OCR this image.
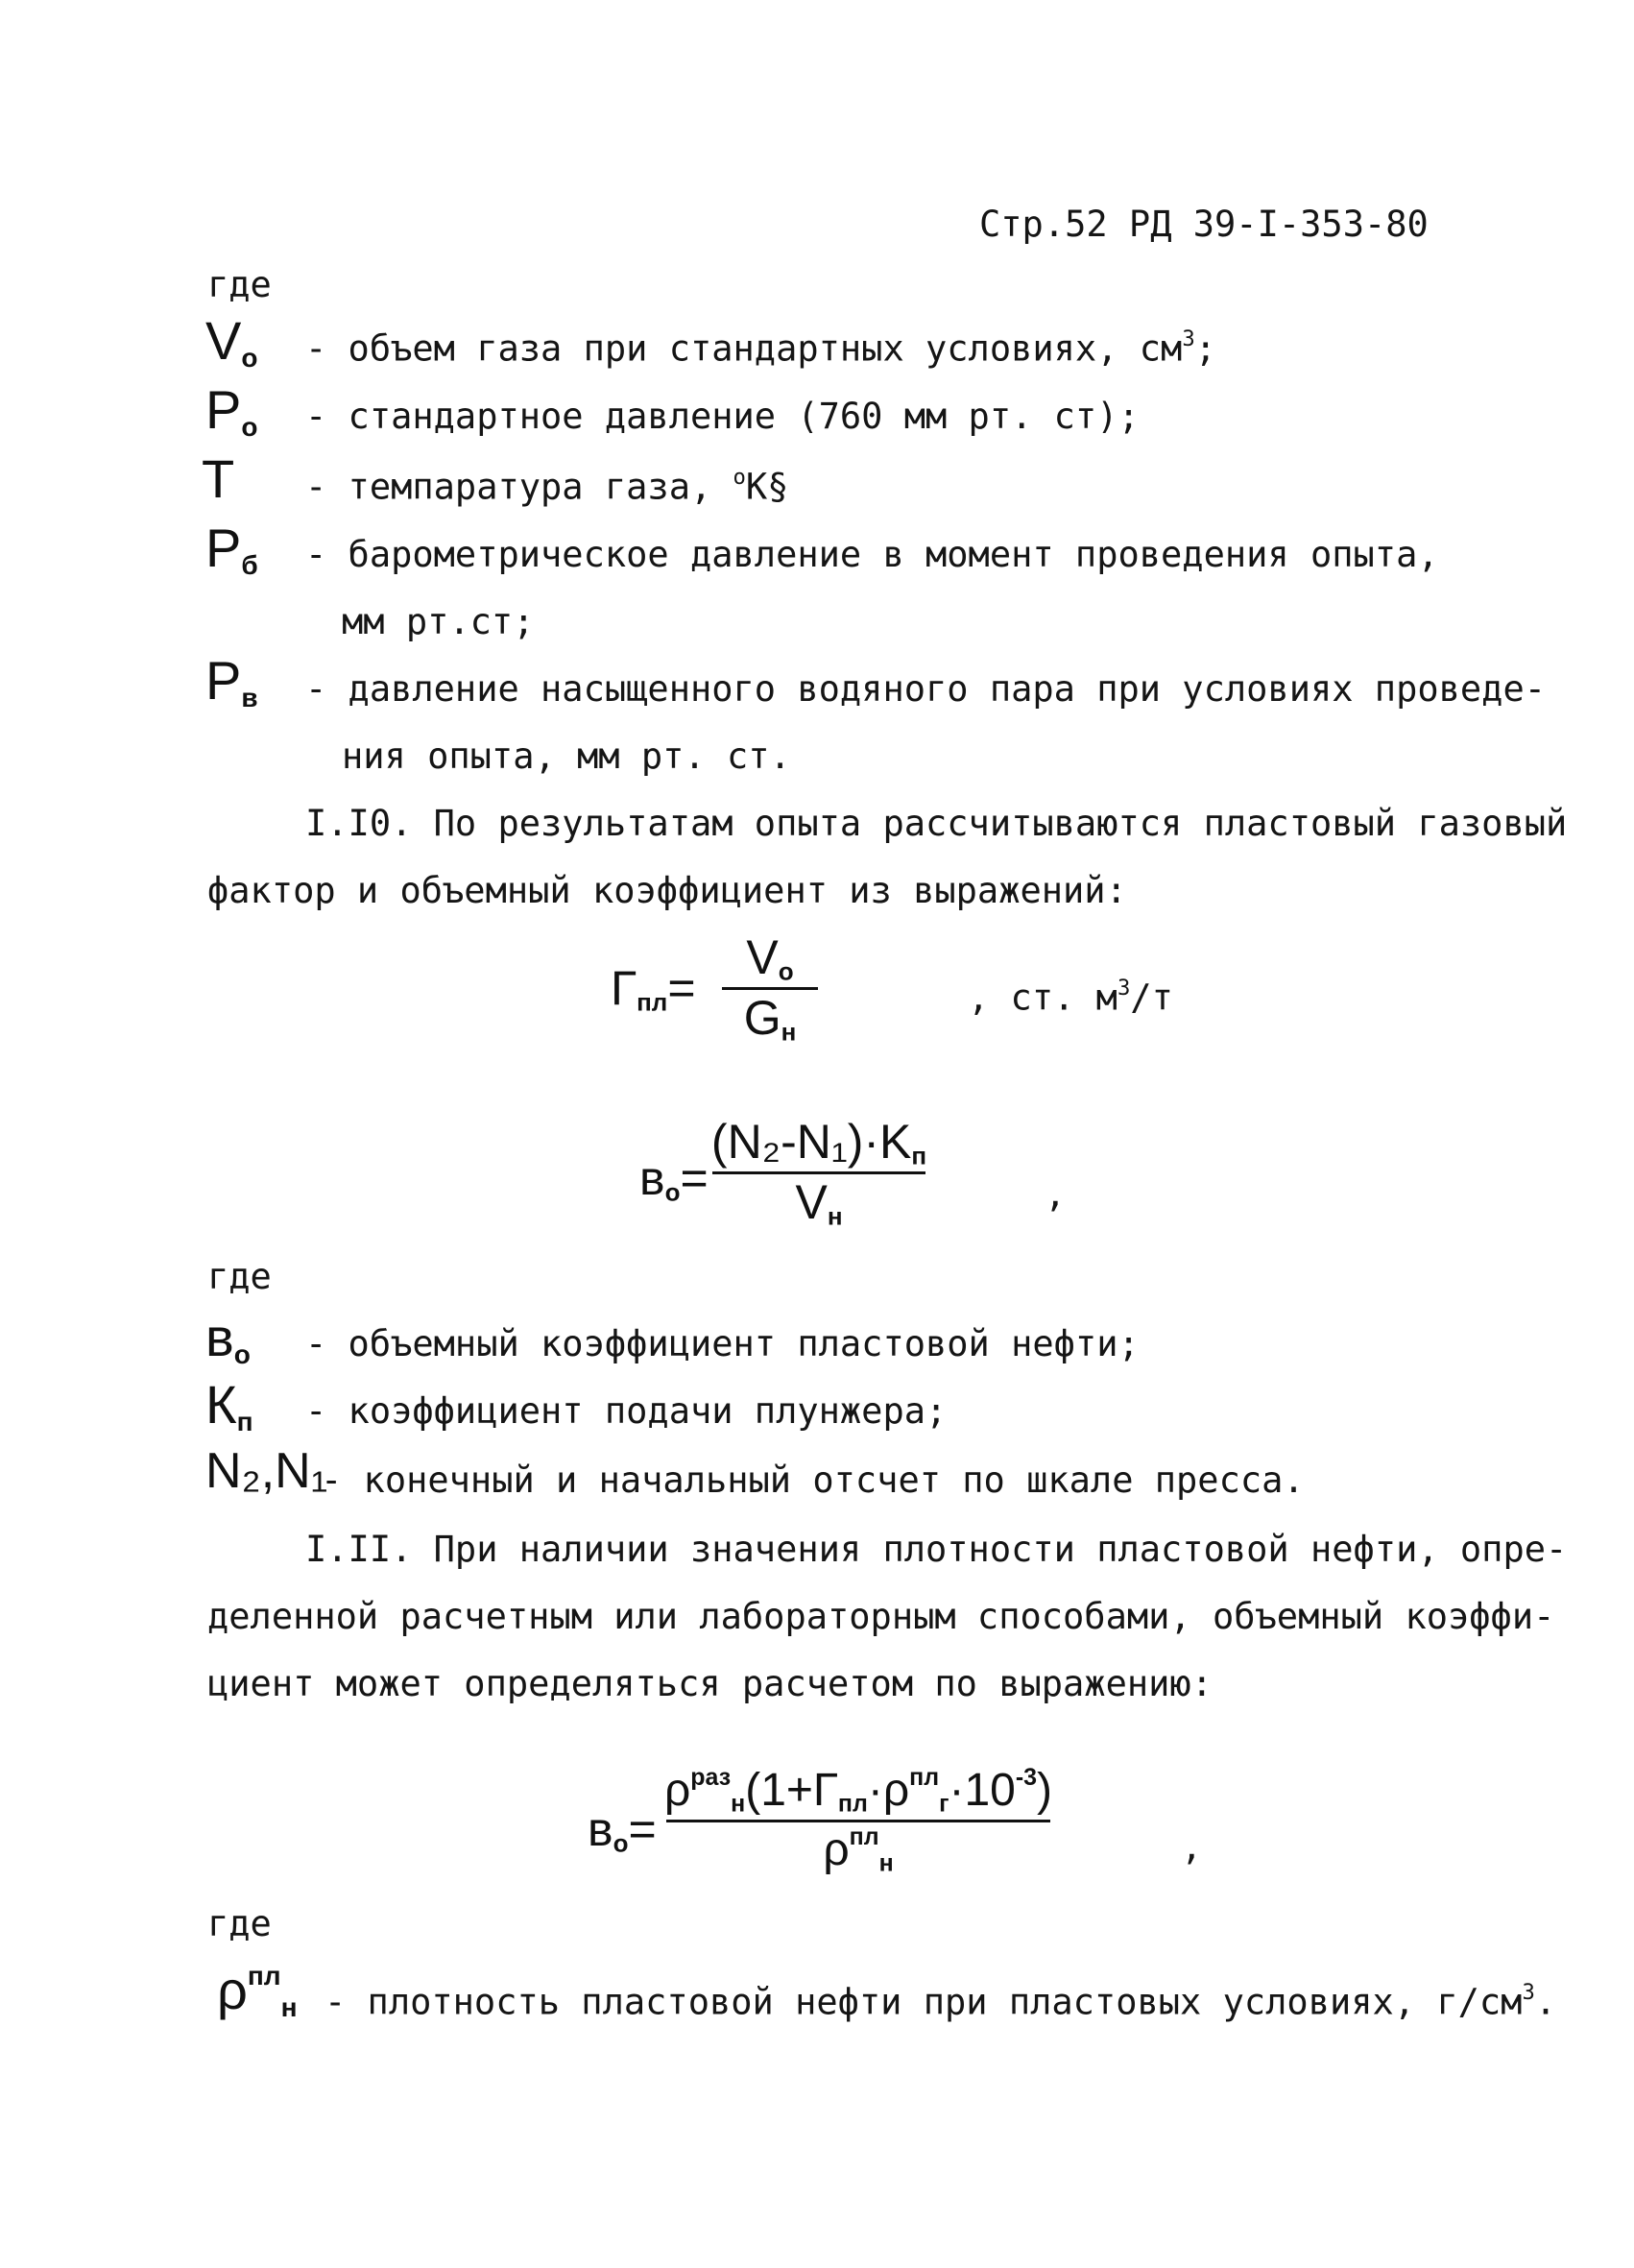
Стр.52 РД 39-I-353-80
где
$V_о$ - объем газа при стандартных условиях, $см^3$;
$Р_о$ - стандартное давление (760 мм рт. ст);
Т - темпаратура газа, $^о$К§
$Р_б$ - барометрическое давление в момент проведения опыта,
мм рт.ст;
$Р_в$ - давление насыщенного водяного пара при условиях проведе-
ния опыта, мм рт. ст.
I.I0. По результатам опыта рассчитываются пластовый газовый
фактор и объемный коэффициент из выражений:
$Г_{пл}=$
$V_о$
$G_н$
, ст. $м^3/т$
$в_о=$
$(N_2-N_1)\cdot K_п$
$V_н$
,
где
$в_о$ - объемный коэффициент пластовой нефти;
$К_п$ - коэффициент подачи плунжера;
N₂,N₁
- конечный и начальный отсчет по шкале пресса.
I.II. При наличии значения плотности пластовой нефти, опре-
деленной расчетным или лабораторным способами, объемный коэффи-
циент может определяться расчетом по выражению:
$в_о=$
$\rho^{раз}_н(1+Г_{пл}\cdot\rho^{пл}_г\cdot 10^{-3})$
$\rho^{пл}_н$	,
где
$\rho^{пл}_н$ - плотность пластовой нефти при пластовых условиях, $г/см^3$.
